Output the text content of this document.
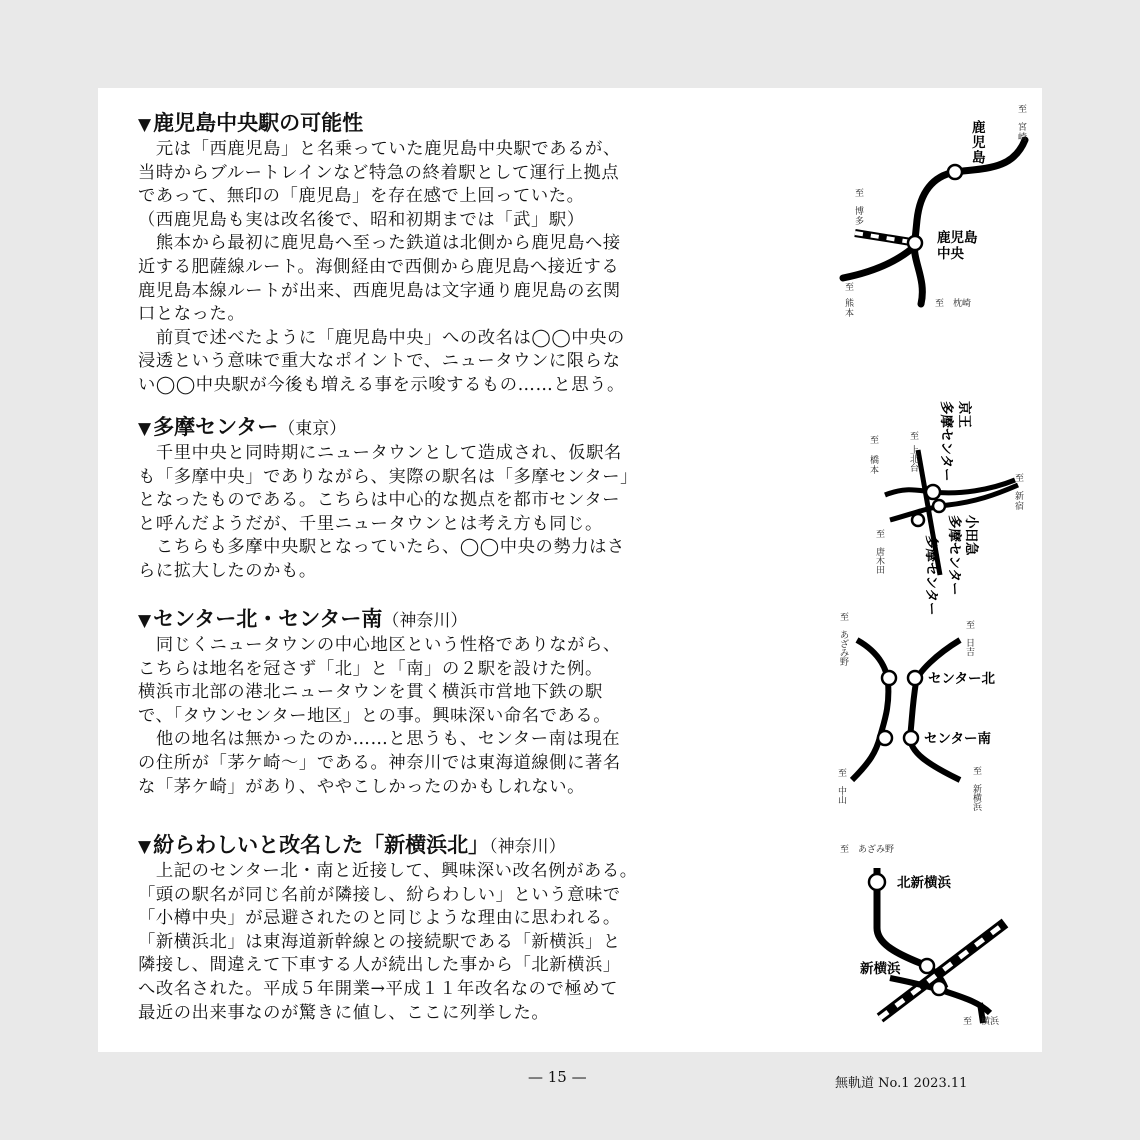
▼鹿児島中央駅の可能性

　元は「西鹿児島」と名乗っていた鹿児島中央駅であるが、

当時からブルートレインなど特急の終着駅として運行上拠点

であって、無印の「鹿児島」を存在感で上回っていた。

（西鹿児島も実は改名後で、昭和初期までは「武」駅）

　熊本から最初に鹿児島へ至った鉄道は北側から鹿児島へ接

近する肥薩線ルート。海側経由で西側から鹿児島へ接近する

鹿児島本線ルートが出来、西鹿児島は文字通り鹿児島の玄関

口となった。

　前頁で述べたように「鹿児島中央」への改名は◯◯中央の

浸透という意味で重大なポイントで、ニュータウンに限らな

い◯◯中央駅が今後も増える事を示唆するもの……と思う。

▼多摩センター（東京）

　千里中央と同時期にニュータウンとして造成され、仮駅名

も「多摩中央」でありながら、実際の駅名は「多摩センター」

となったものである。こちらは中心的な拠点を都市センター

と呼んだようだが、千里ニュータウンとは考え方も同じ。

　こちらも多摩中央駅となっていたら、◯◯中央の勢力はさ

らに拡大したのかも。

▼センター北・センター南（神奈川）

　同じくニュータウンの中心地区という性格でありながら、

こちらは地名を冠さず「北」と「南」の２駅を設けた例。

横浜市北部の港北ニュータウンを貫く横浜市営地下鉄の駅

で、「タウンセンター地区」との事。興味深い命名である。

　他の地名は無かったのか……と思うも、センター南は現在

の住所が「茅ケ崎～」である。神奈川では東海道線側に著名

な「茅ケ崎」があり、ややこしかったのかもしれない。

▼紛らわしいと改名した「新横浜北」（神奈川）

　上記のセンター北・南と近接して、興味深い改名例がある。

「頭の駅名が同じ名前が隣接し、紛らわしい」という意味で

「小樽中央」が忌避されたのと同じような理由に思われる。

「新横浜北」は東海道新幹線との接続駅である「新横浜」と

隣接し、間違えて下車する人が続出した事から「北新横浜」

へ改名された。平成５年開業→平成１１年改名なので極めて

最近の出来事なのが驚きに値し、ここに列挙した。

鹿
児
島
鹿児島
中央
至
宮
崎
至
博
多
至
熊
本
至　枕崎
京王
多摩センター
小田急
多摩センター
多摩センター
至
橋
本
至
上
北
台
至
新
宿
至
唐
木
田
センター北
センター南
至
あ
ざ
み
野
至
日
吉
至
中
山
至
新
横
浜
北新横浜
新横浜
至　あざみ野
至　横浜
— 15 —	無軌道 No.1 2023.11
